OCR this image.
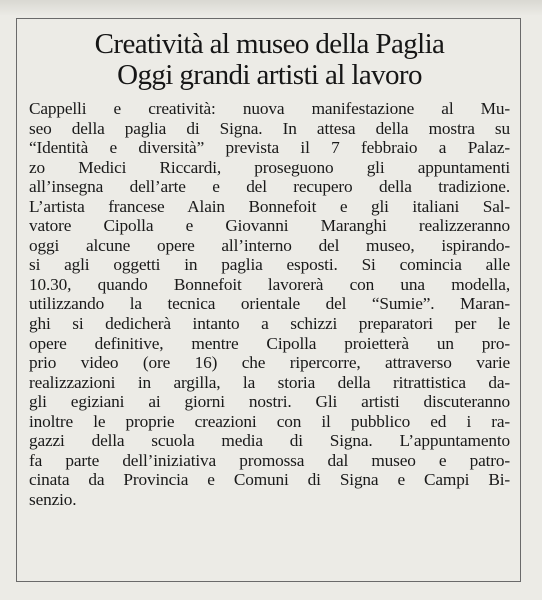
Creatività al museo della Paglia
Oggi grandi artisti al lavoro
Cappelli e creatività: nuova manifestazione al Mu-
seo della paglia di Signa. In attesa della mostra su
“Identità e diversità” prevista il 7 febbraio a Palaz-
zo Medici Riccardi, proseguono gli appuntamenti
all’insegna dell’arte e del recupero della tradizione.
L’artista francese Alain Bonnefoit e gli italiani Sal-
vatore Cipolla e Giovanni Maranghi realizzeranno
oggi alcune opere all’interno del museo, ispirando-
si agli oggetti in paglia esposti. Si comincia alle
10.30, quando Bonnefoit lavorerà con una modella,
utilizzando la tecnica orientale del “Sumie”. Maran-
ghi si dedicherà intanto a schizzi preparatori per le
opere definitive, mentre Cipolla proietterà un pro-
prio video (ore 16) che ripercorre, attraverso varie
realizzazioni in argilla, la storia della ritrattistica da-
gli egiziani ai giorni nostri. Gli artisti discuteranno
inoltre le proprie creazioni con il pubblico ed i ra-
gazzi della scuola media di Signa. L’appuntamento
fa parte dell’iniziativa promossa dal museo e patro-
cinata da Provincia e Comuni di Signa e Campi Bi-
senzio.
